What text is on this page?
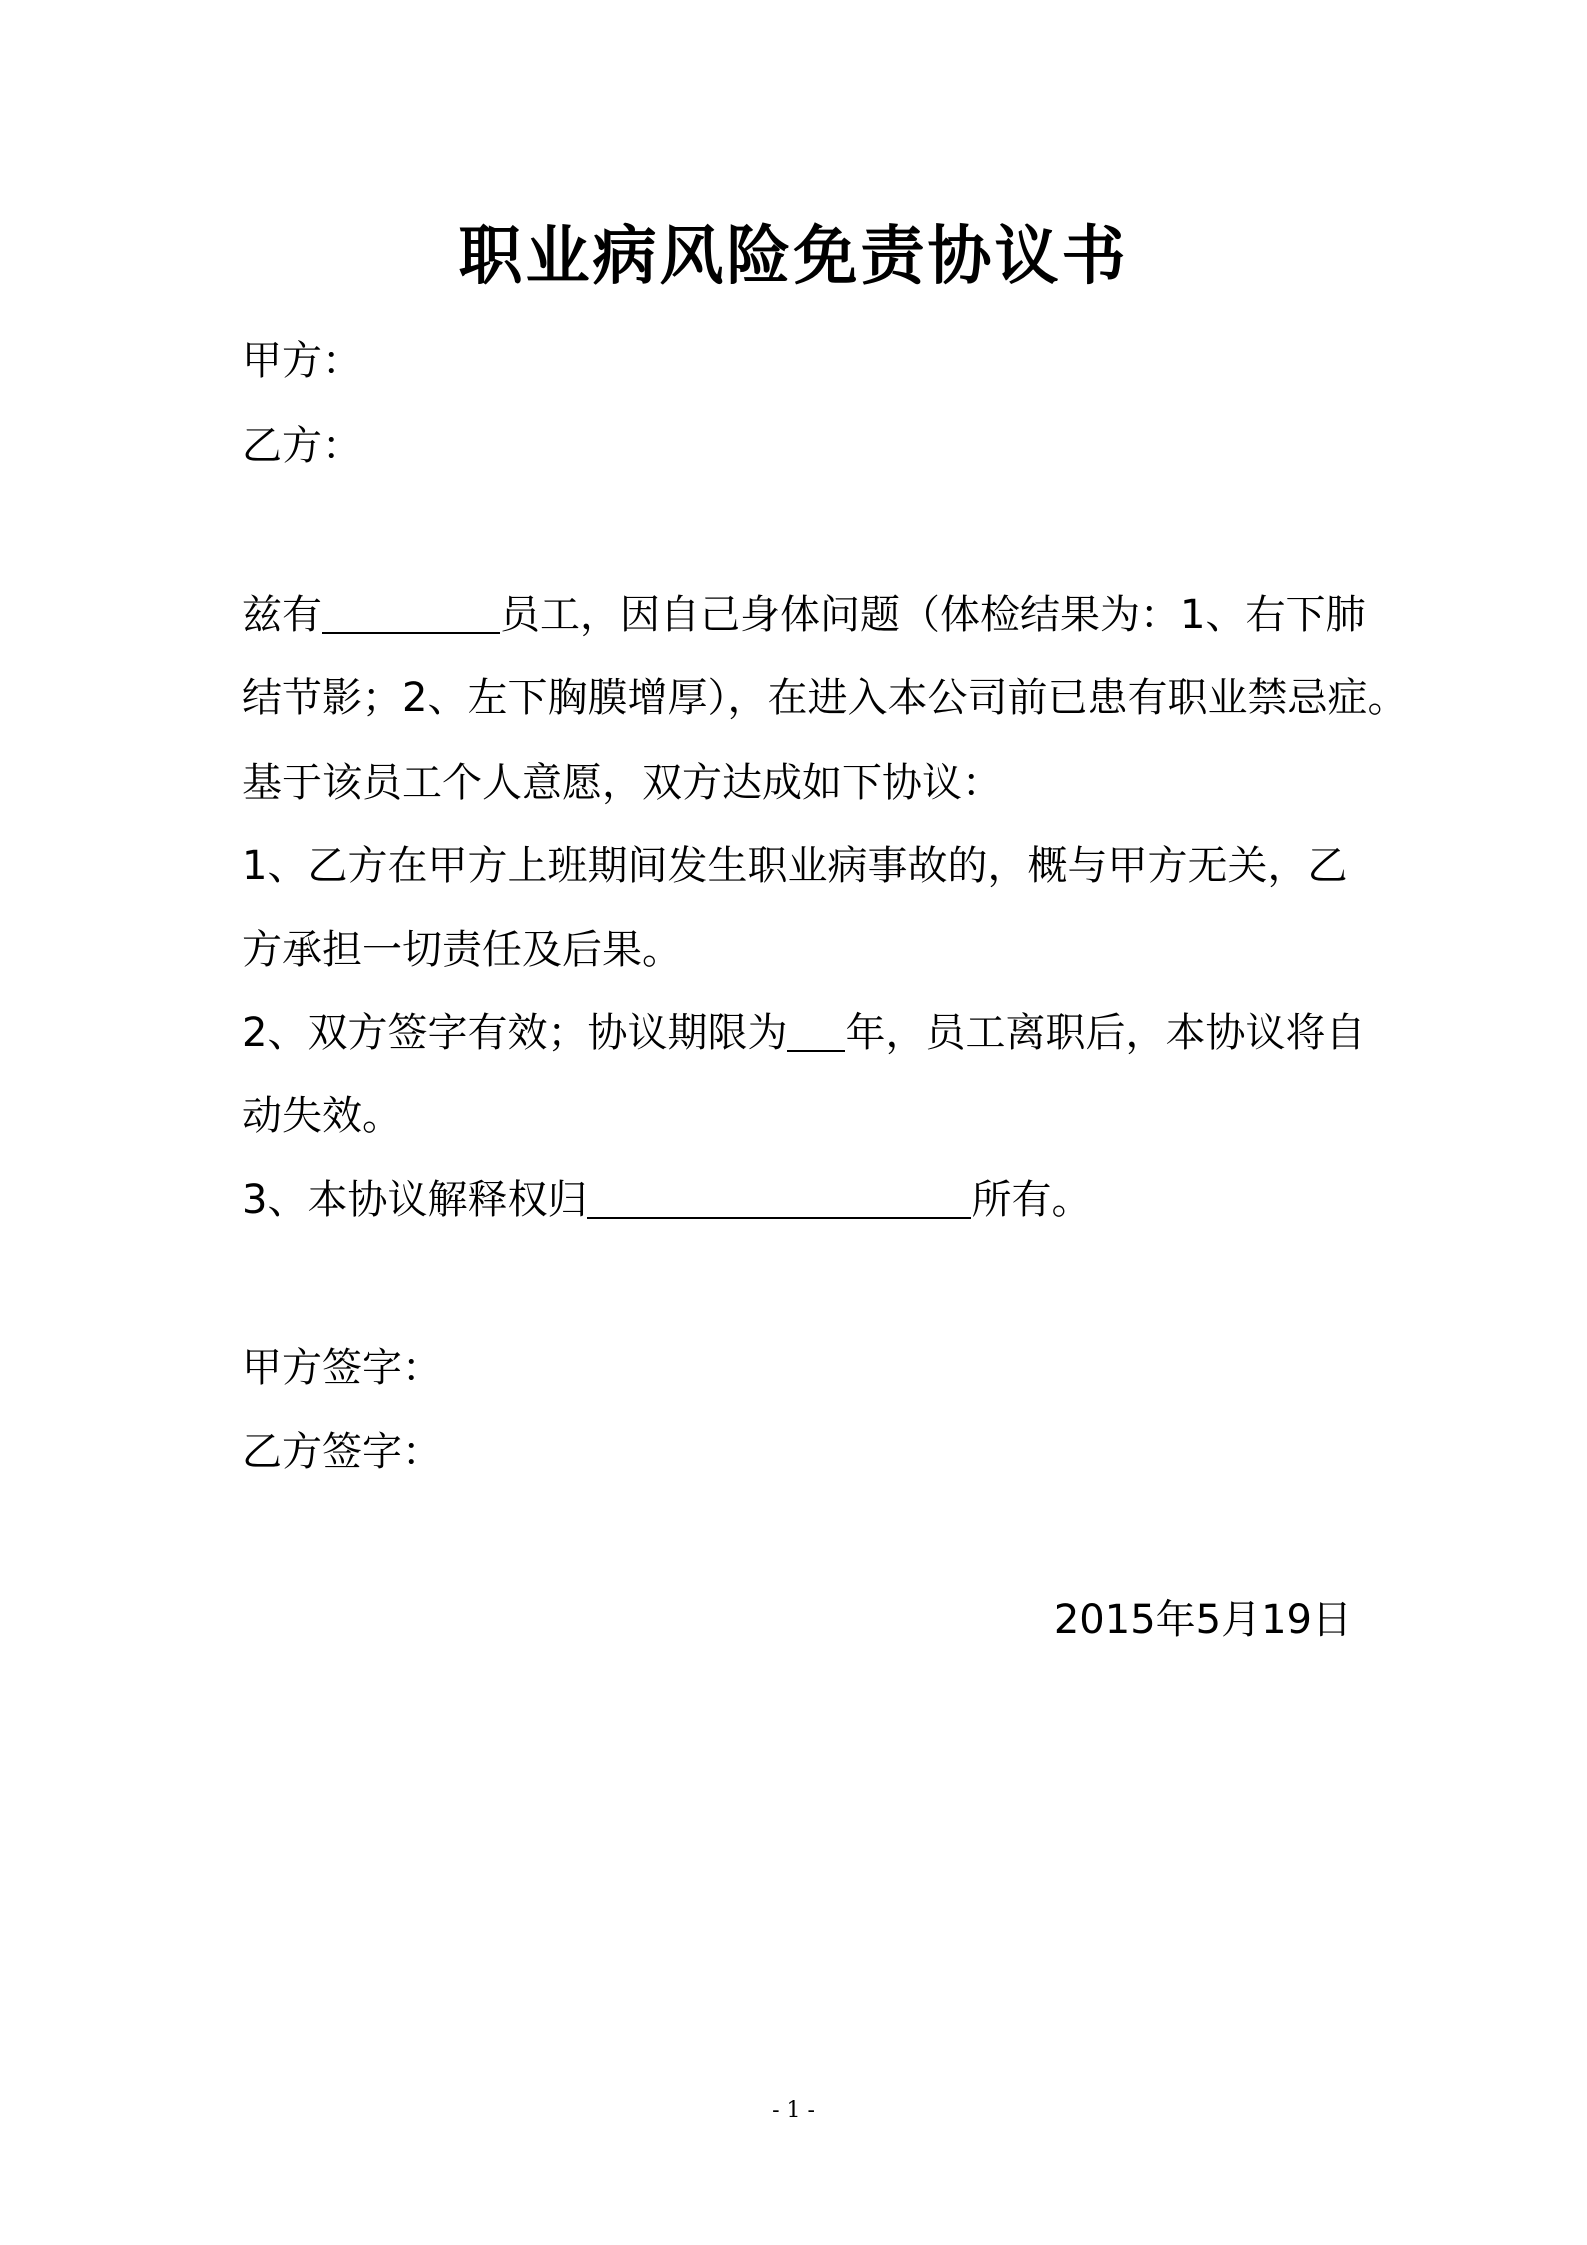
职业病风险免责协议书
甲方：
乙方：
兹有	员工，因自己身体问题（体检结果为：1、右下肺
结节影；2、左下胸膜增厚），在进入本公司前已患有职业禁忌症。
基于该员工个人意愿，双方达成如下协议：
1、乙方在甲方上班期间发生职业病事故的，概与甲方无关，乙
方承担一切责任及后果。
2、双方签字有效；协议期限为 年，员工离职后，本协议将自
动失效。
3、本协议解释权归	所有。
甲方签字：
乙方签字：
2015年5月19日
- 1 -
